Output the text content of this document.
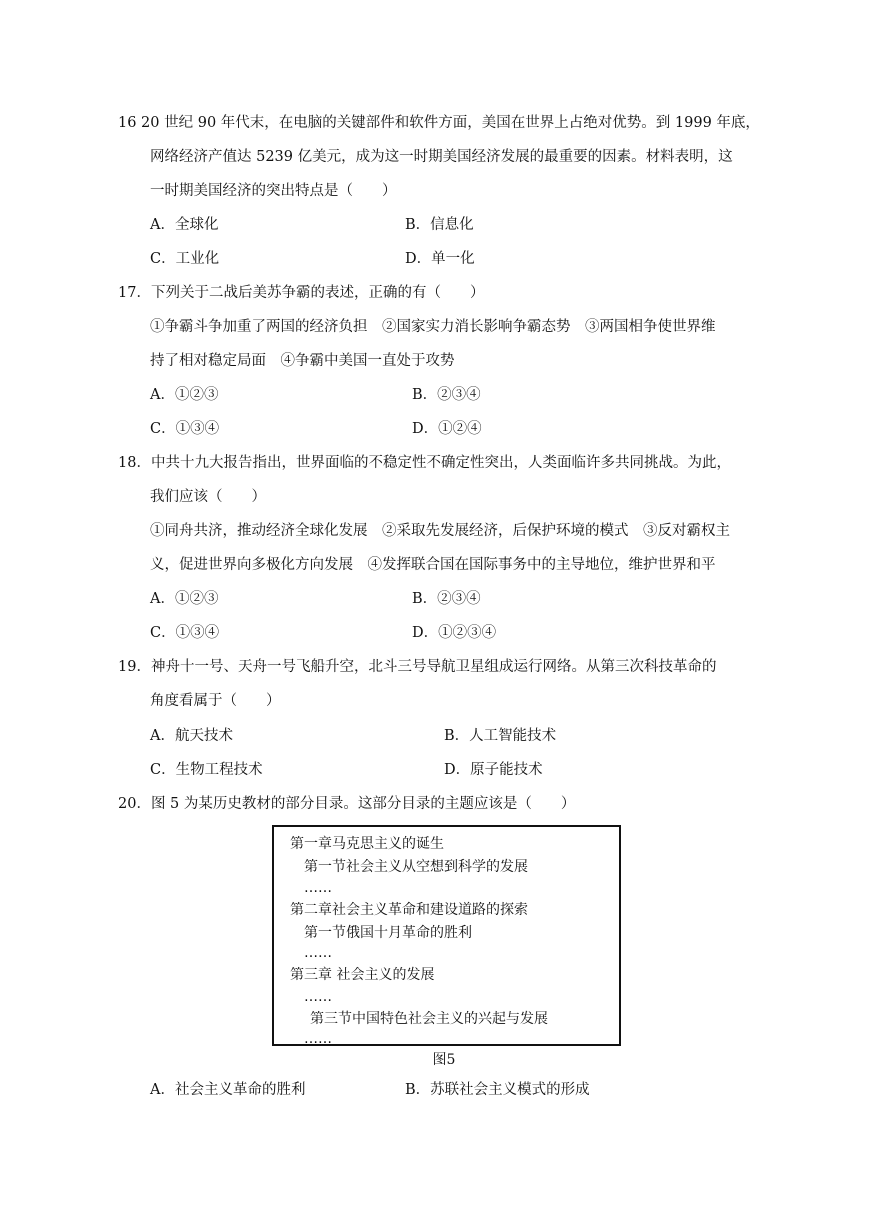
16 20 世纪 90 年代末，在电脑的关键部件和软件方面，美国在世界上占绝对优势。到 1999 年底，
网络经济产值达 5239 亿美元，成为这一时期美国经济发展的最重要的因素。材料表明，这
一时期美国经济的突出特点是（　　）
A．全球化	B．信息化
C．工业化	D．单一化
17．下列关于二战后美苏争霸的表述，正确的有（　　）
①争霸斗争加重了两国的经济负担　②国家实力消长影响争霸态势　③两国相争使世界维
持了相对稳定局面　④争霸中美国一直处于攻势
A．①②③	B．②③④
C．①③④	D．①②④
18．中共十九大报告指出，世界面临的不稳定性不确定性突出，人类面临许多共同挑战。为此，
我们应该（　　）
①同舟共济，推动经济全球化发展　②采取先发展经济，后保护环境的模式　③反对霸权主
义，促进世界向多极化方向发展　④发挥联合国在国际事务中的主导地位，维护世界和平
A．①②③	B．②③④
C．①③④	D．①②③④
19．神舟十一号、天舟一号飞船升空，北斗三号导航卫星组成运行网络。从第三次科技革命的
角度看属于（　　）
A．航天技术	B．人工智能技术
C．生物工程技术	D．原子能技术
20．图 5 为某历史教材的部分目录。这部分目录的主题应该是（　　）
第一章马克思主义的诞生
第一节社会主义从空想到科学的发展
……
第二章社会主义革命和建设道路的探索
第一节俄国十月革命的胜利
……
第三章 社会主义的发展
……
第三节中国特色社会主义的兴起与发展
……
图5
A．社会主义革命的胜利	B．苏联社会主义模式的形成
